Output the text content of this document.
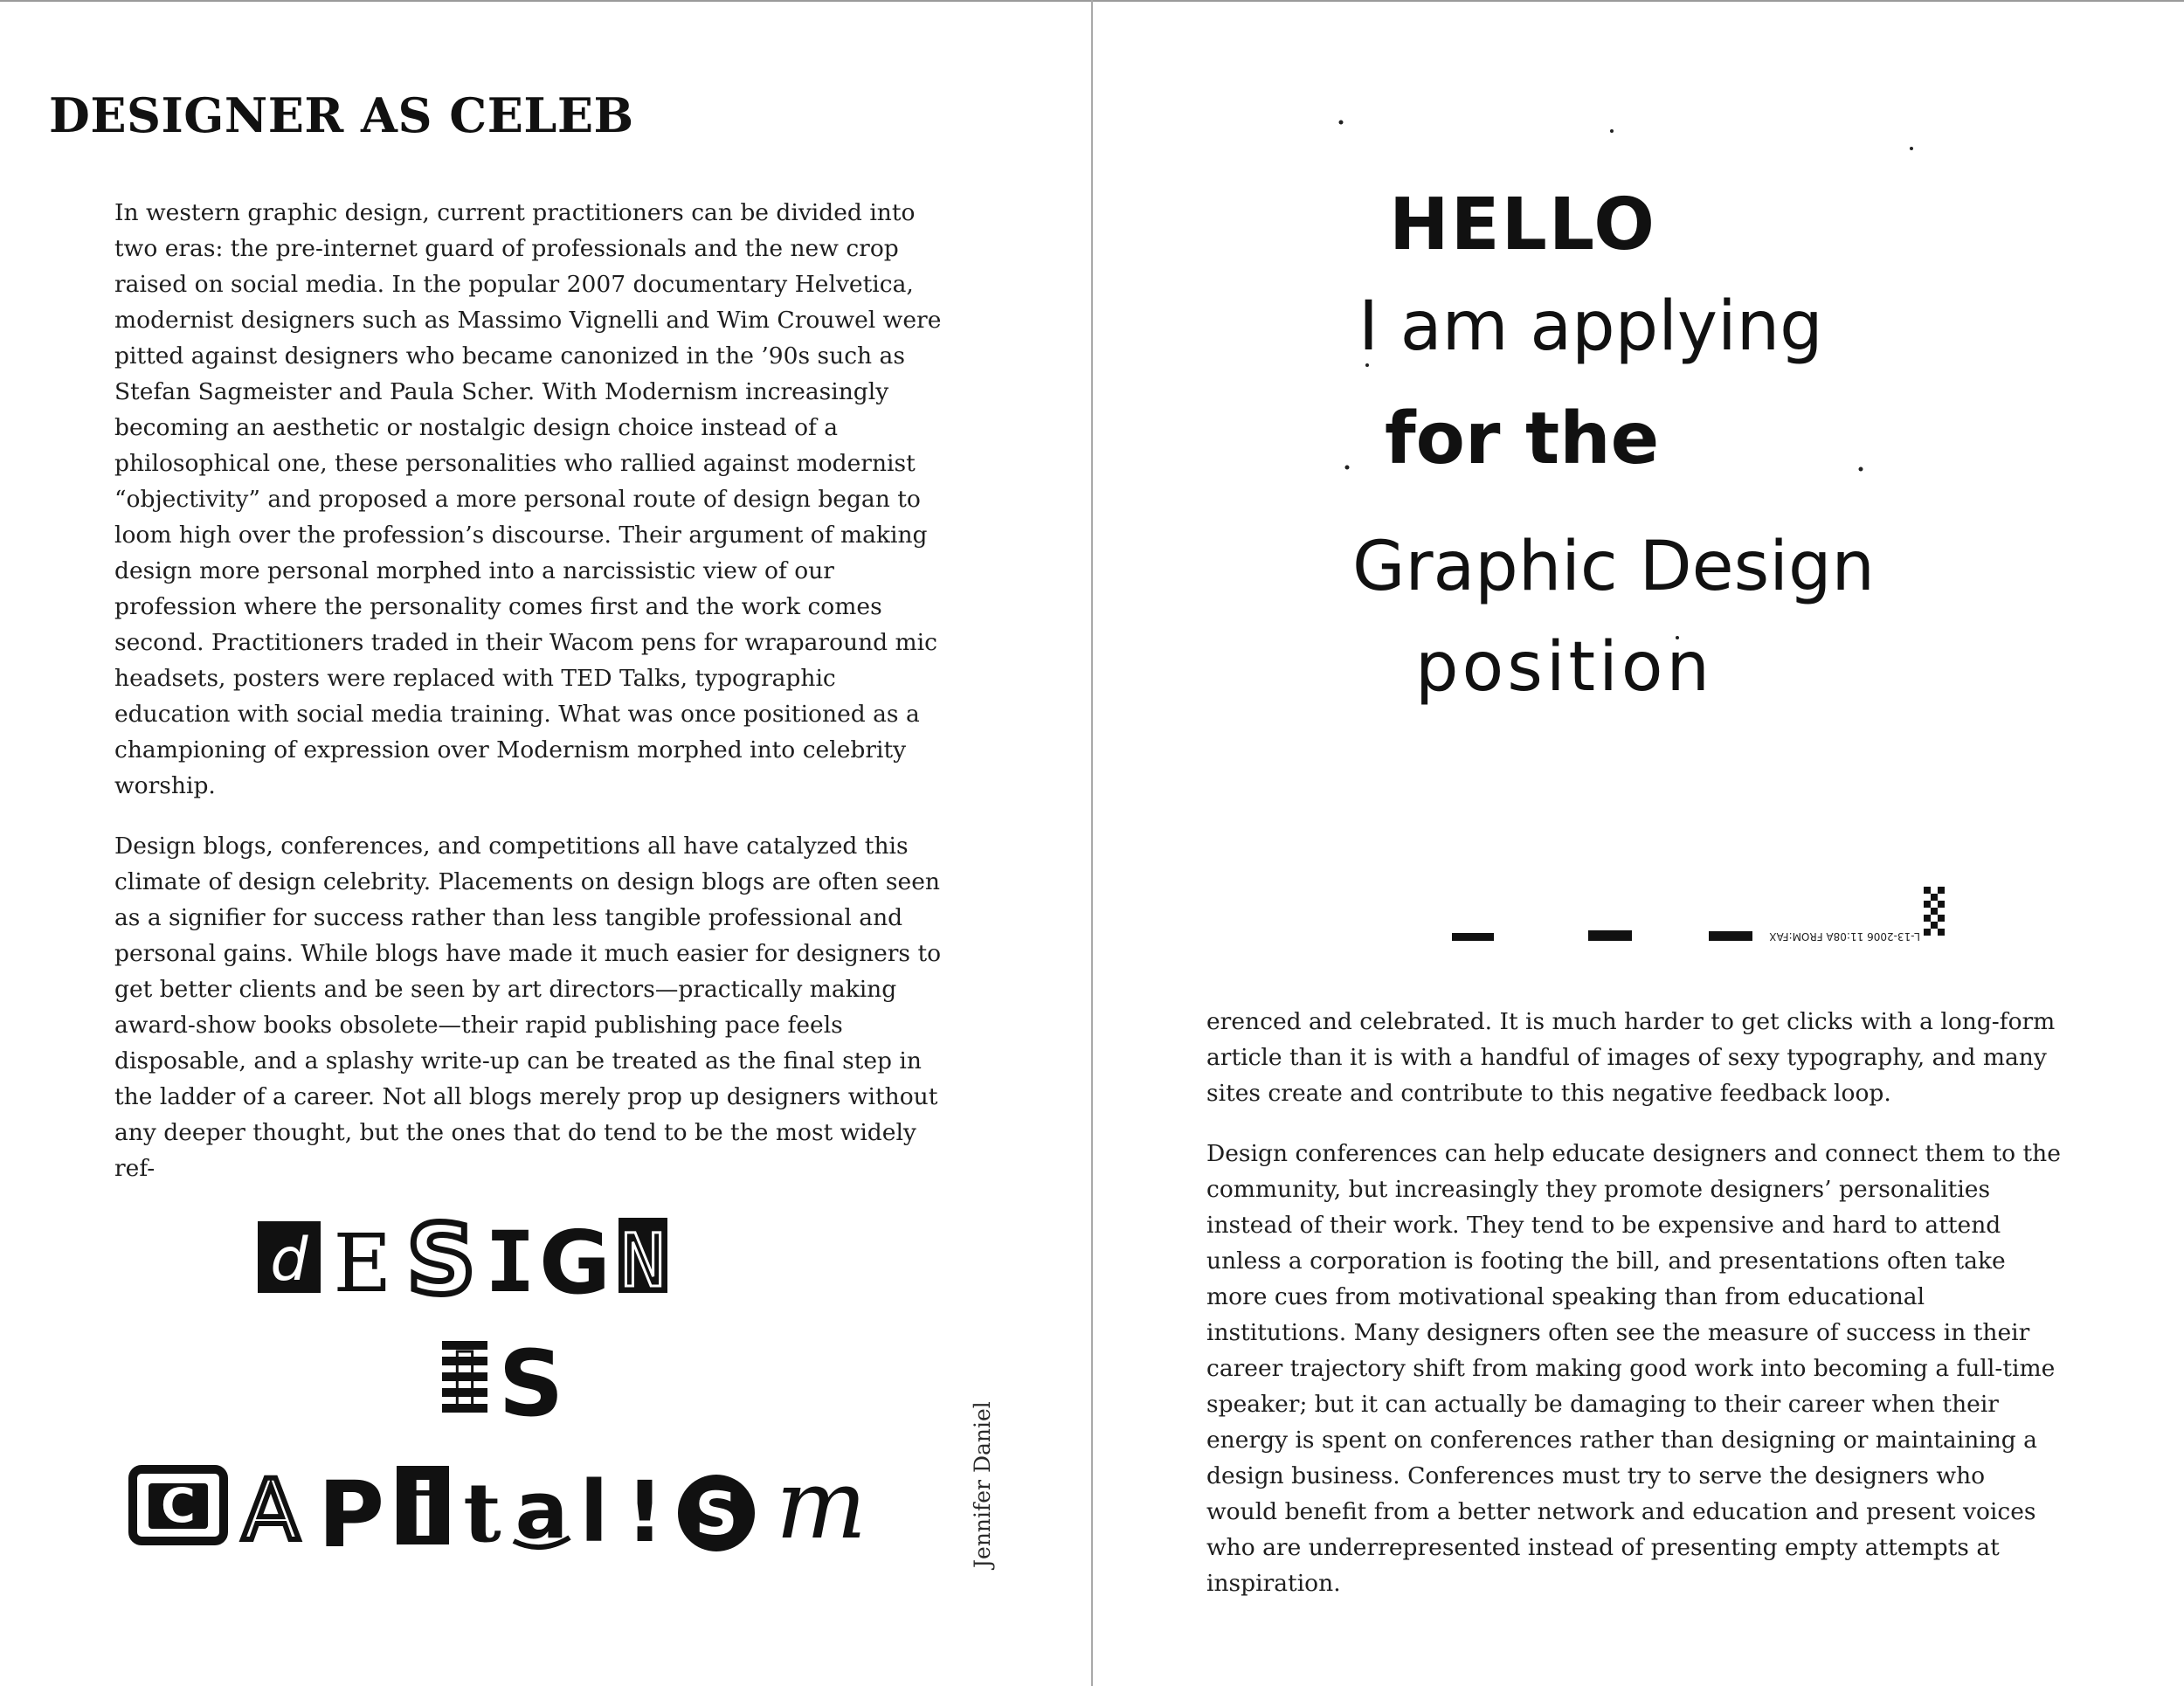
DESIGNER AS CELEB

In western graphic design, current practitioners can be divided into two eras: the pre-internet guard of professionals and the new crop raised on social media. In the popular 2007 documentary Helvetica, modernist designers such as Massimo Vignelli and Wim Crouwel were pitted against designers who became canonized in the ’90s such as Stefan Sagmeister and Paula Scher. With Modernism increasingly becoming an aesthetic or nostalgic design choice instead of a philosophical one, these personalities who rallied against modernist “objectivity” and proposed a more personal route of design began to loom high over the profession’s discourse. Their argument of making design more personal morphed into a narcissistic view of our profession where the personality comes first and the work comes second. Practitioners traded in their Wacom pens for wraparound mic headsets, posters were replaced with TED Talks, typographic education with social media training. What was once positioned as a championing of expression over Modernism morphed into celebrity worship.

Design blogs, conferences, and competitions all have catalyzed this climate of design celebrity. Placements on design blogs are often seen as a signifier for success rather than less tangible professional and personal gains. While blogs have made it much easier for designers to get better clients and be seen by art directors—practically making award-show books obsolete—their rapid publishing pace feels disposable, and a splashy write-up can be treated as the final step in the ladder of a career. Not all blogs merely prop up designers without any deeper thought, but the ones that do tend to be the most widely ref-

d E S I G N
I S
C A P i t a l ! S m	Jennifer Daniel
HELLO
I am applying
for the
Graphic Design
position
L-13-2006 11:08A FROM:FAX

erenced and celebrated. It is much harder to get clicks with a long-form article than it is with a handful of images of sexy typography, and many sites create and contribute to this negative feedback loop.

Design conferences can help educate designers and connect them to the community, but increasingly they promote designers’ personalities instead of their work. They tend to be expensive and hard to attend unless a corporation is footing the bill, and presentations often take more cues from motivational speaking than from educational institutions. Many designers often see the measure of success in their career trajectory shift from making good work into becoming a full-time speaker; but it can actually be damaging to their career when their energy is spent on conferences rather than designing or maintaining a design business. Conferences must try to serve the designers who would benefit from a better network and education and present voices who are underrepresented instead of presenting empty attempts at inspiration.
